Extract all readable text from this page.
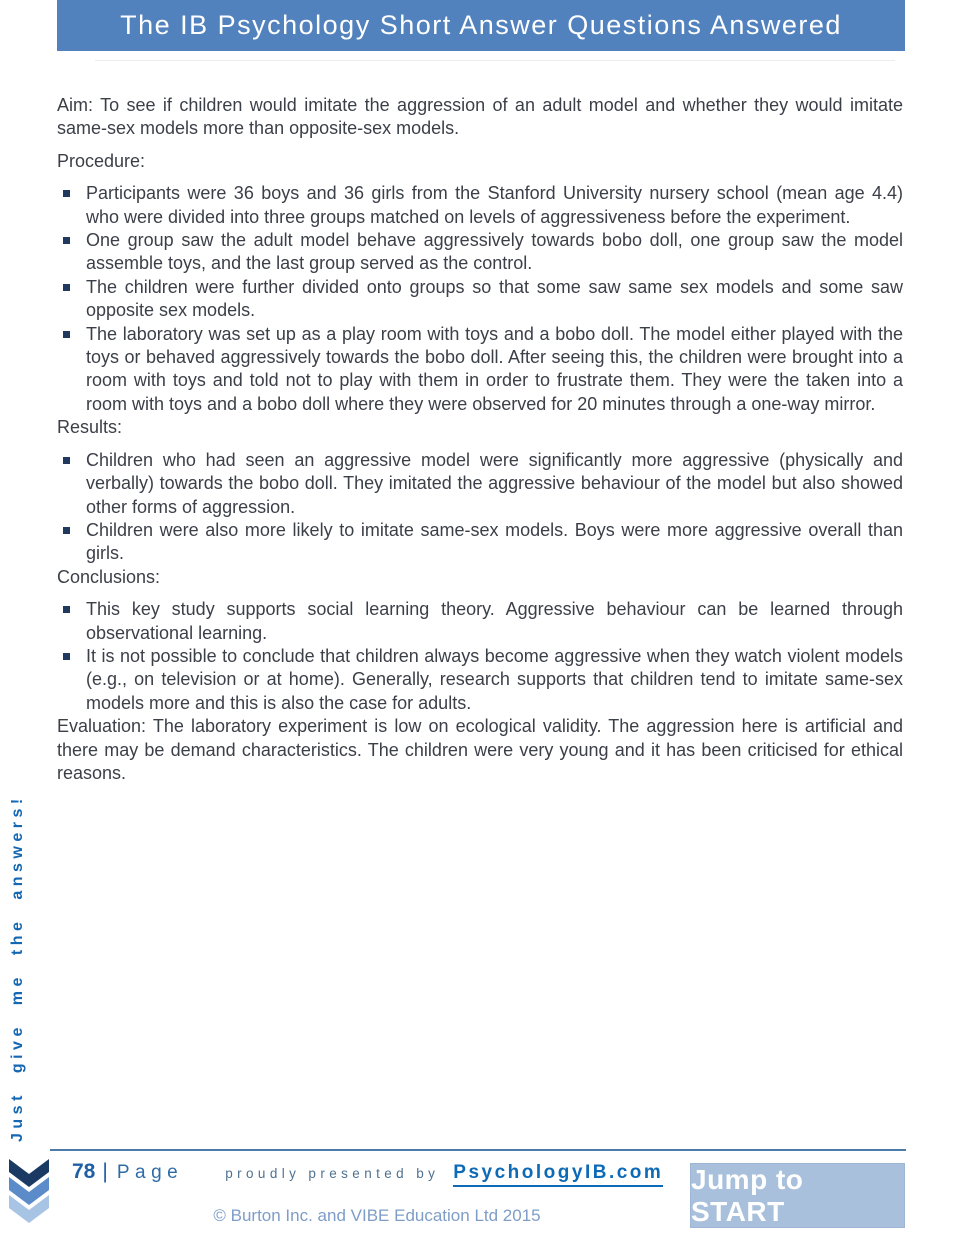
The IB Psychology Short Answer Questions Answered

Aim: To see if children would imitate the aggression of an adult model and whether they would imitate same-sex models more than opposite-sex models.

Procedure:

Participants were 36 boys and 36 girls from the Stanford University nursery school (mean age 4.4) who were divided into three groups matched on levels of aggressiveness before the experiment.
One group saw the adult model behave aggressively towards bobo doll, one group saw the model assemble toys, and the last group served as the control.
The children were further divided onto groups so that some saw same sex models and some saw opposite sex models.
The laboratory was set up as a play room with toys and a bobo doll. The model either played with the toys or behaved aggressively towards the bobo doll. After seeing this, the children were brought into a room with toys and told not to play with them in order to frustrate them. They were the taken into a room with toys and a bobo doll where they were observed for 20 minutes through a one-way mirror.

Results:

Children who had seen an aggressive model were significantly more aggressive (physically and verbally) towards the bobo doll. They imitated the aggressive behaviour of the model but also showed other forms of aggression.
Children were also more likely to imitate same-sex models. Boys were more aggressive overall than girls.

Conclusions:

This key study supports social learning theory. Aggressive behaviour can be learned through observational learning.
It is not possible to conclude that children always become aggressive when they watch violent models (e.g., on television or at home). Generally, research supports that children tend to imitate same-sex models more and this is also the case for adults.

Evaluation: The laboratory experiment is low on ecological validity. The aggression here is artificial and there may be demand characteristics. The children were very young and it has been criticised for ethical reasons.

Just give me the answers!
78 | Page	proudly presented by PsychologyIB.com
© Burton Inc. and VIBE Education Ltd 2015
Jump to START
